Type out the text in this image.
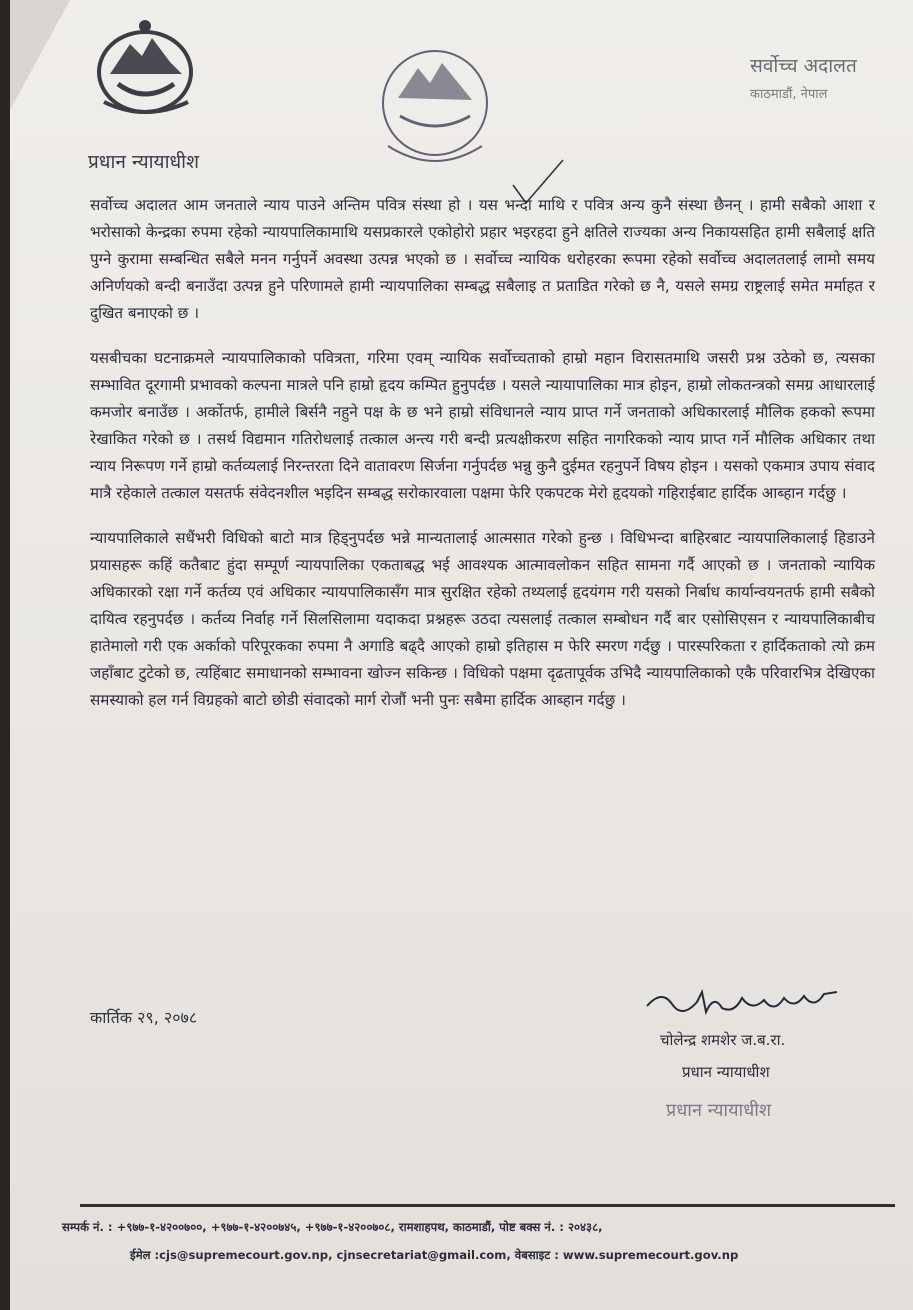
प्रधान न्यायाधीश
सर्वोच्च अदालत
काठमाडौं, नेपाल

सर्वोच्च अदालत आम जनताले न्याय पाउने अन्तिम पवित्र संस्था हो । यस भन्दा माथि र पवित्र अन्य कुनै संस्था छैनन् । हामी सबैको आशा र भरोसाको केन्द्रका रुपमा रहेको न्यायपालिकामाथि यसप्रकारले एकोहोरो प्रहार भइरहदा हुने क्षतिले राज्यका अन्य निकायसहित हामी सबैलाई क्षति पुग्ने कुरामा सम्बन्धित सबैले मनन गर्नुपर्ने अवस्था उत्पन्न भएको छ । सर्वोच्च न्यायिक धरोहरका रूपमा रहेको सर्वोच्च अदालतलाई लामो समय अनिर्णयको बन्दी बनाउँदा उत्पन्न हुने परिणामले हामी न्यायपालिका सम्बद्ध सबैलाइ त प्रताडित गरेको छ नै, यसले समग्र राष्ट्रलाई समेत मर्माहत र दुखित बनाएको छ ।

यसबीचका घटनाक्रमले न्यायपालिकाको पवित्रता, गरिमा एवम् न्यायिक सर्वोच्चताको हाम्रो महान विरासतमाथि जसरी प्रश्न उठेको छ, त्यसका सम्भावित दूरगामी प्रभावको कल्पना मात्रले पनि हाम्रो हृदय कम्पित हुनुपर्दछ । यसले न्यायापालिका मात्र होइन, हाम्रो लोकतन्त्रको समग्र आधारलाई कमजोर बनाउँछ । अर्कोतर्फ, हामीले बिर्सनै नहुने पक्ष के छ भने हाम्रो संविधानले न्याय प्राप्त गर्ने जनताको अधिकारलाई मौलिक हकको रूपमा रेखाकित गरेको छ । तसर्थ विद्यमान गतिरोधलाई तत्काल अन्त्य गरी बन्दी प्रत्यक्षीकरण सहित नागरिकको न्याय प्राप्त गर्ने मौलिक अधिकार तथा न्याय निरूपण गर्ने हाम्रो कर्तव्यलाई निरन्तरता दिने वातावरण सिर्जना गर्नुपर्दछ भन्नु कुनै दुईमत रहनुपर्ने विषय होइन । यसको एकमात्र उपाय संवाद मात्रै रहेकाले तत्काल यसतर्फ संवेदनशील भइदिन सम्बद्ध सरोकारवाला पक्षमा फेरि एकपटक मेरो हृदयको गहिराईबाट हार्दिक आब्हान गर्दछु ।

न्यायपालिकाले सधैंभरी विधिको बाटो मात्र हिड्नुपर्दछ भन्ने मान्यतालाई आत्मसात गरेको हुन्छ । विधिभन्दा बाहिरबाट न्यायपालिकालाई हिडाउने प्रयासहरू कहिं कतैबाट हुंदा सम्पूर्ण न्यायपालिका एकताबद्ध भई आवश्यक आत्मावलोकन सहित सामना गर्दै आएको छ । जनताको न्यायिक अधिकारको रक्षा गर्ने कर्तव्य एवं अधिकार न्यायपालिकासँग मात्र सुरक्षित रहेको तथ्यलाई हृदयंगम गरी यसको निर्बाध कार्यान्वयनतर्फ हामी सबैको दायित्व रहनुपर्दछ । कर्तव्य निर्वाह गर्ने सिलसिलामा यदाकदा प्रश्नहरू उठदा त्यसलाई तत्काल सम्बोधन गर्दै बार एसोसिएसन र न्यायपालिकाबीच हातेमालो गरी एक अर्काको परिपूरकका रुपमा नै अगाडि बढ्दै आएको हाम्रो इतिहास म फेरि स्मरण गर्दछु । पारस्परिकता र हार्दिकताको त्यो क्रम जहाँबाट टुटेको छ, त्यहिंबाट समाधानको सम्भावना खोज्न सकिन्छ । विधिको पक्षमा दृढतापूर्वक उभिदै न्यायपालिकाको एकै परिवारभित्र देखिएका समस्याको हल गर्न विग्रहको बाटो छोडी संवादको मार्ग रोजौं भनी पुनः सबैमा हार्दिक आब्हान गर्दछु ।

कार्तिक २९, २०७८
चोलेन्द्र शमशेर ज.ब.रा.
प्रधान न्यायाधीश
प्रधान न्यायाधीश
सम्पर्क नं. : +९७७-१-४२००७००, +९७७-१-४२००७४५, +९७७-१-४२००७०८, रामशाहपथ, काठमाडौं, पोष्ट बक्स नं. : २०४३८,
ईमेल :cjs@supremecourt.gov.np, cjnsecretariat@gmail.com, वेबसाइट : www.supremecourt.gov.np
